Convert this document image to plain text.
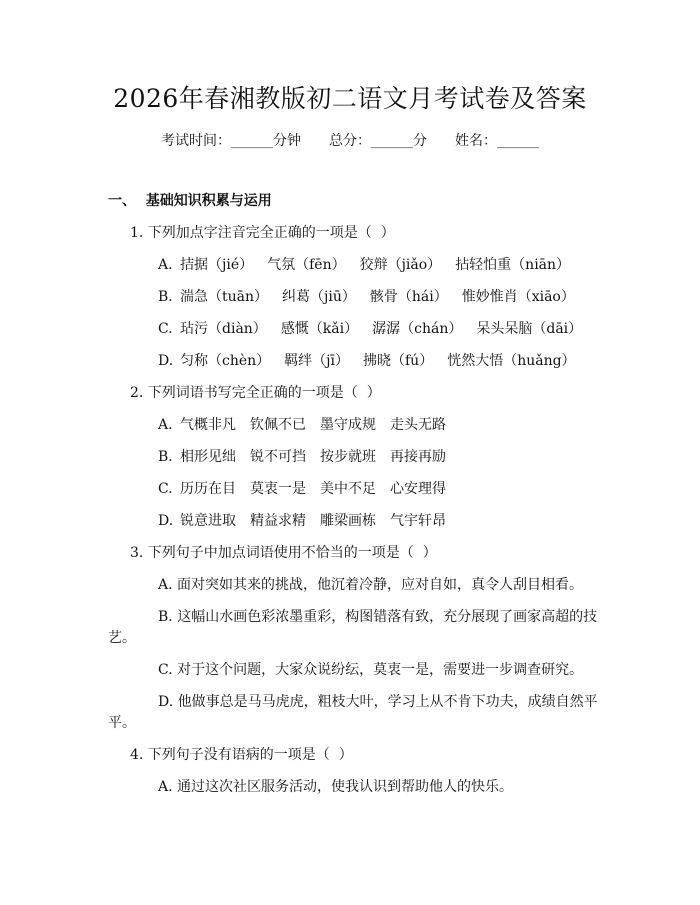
2026年春湘教版初二语文月考试卷及答案
考试时间：______分钟 总分：______分 姓名：______
一、  基础知识积累与运用
1. 下列加点字注音完全正确的一项是（  ）
A. 拮据（jié） 气氛（fēn） 狡辩（jiǎo） 拈轻怕重（niān）
B. 湍急（tuān） 纠葛（jiū） 骸骨（hái） 惟妙惟肖（xiāo）
C. 玷污（diàn） 感慨（kǎi） 潺潺（chán） 呆头呆脑（dāi）
D. 匀称（chèn） 羁绊（jī） 拂晓（fú） 恍然大悟（huǎng）
2. 下列词语书写完全正确的一项是（  ）
A. 气概非凡 钦佩不已 墨守成规 走头无路
B. 相形见绌 锐不可挡 按步就班 再接再励
C. 历历在目 莫衷一是 美中不足 心安理得
D. 锐意进取 精益求精 雕梁画栋 气宇轩昂
3. 下列句子中加点词语使用不恰当的一项是（  ）
A. 面对突如其来的挑战，他沉着冷静，应对自如，真令人刮目相看。
B. 这幅山水画色彩浓墨重彩，构图错落有致，充分展现了画家高超的技
艺。
C. 对于这个问题，大家众说纷纭，莫衷一是，需要进一步调查研究。
D. 他做事总是马马虎虎，粗枝大叶，学习上从不肯下功夫，成绩自然平
平。
4. 下列句子没有语病的一项是（  ）
A. 通过这次社区服务活动，使我认识到帮助他人的快乐。
